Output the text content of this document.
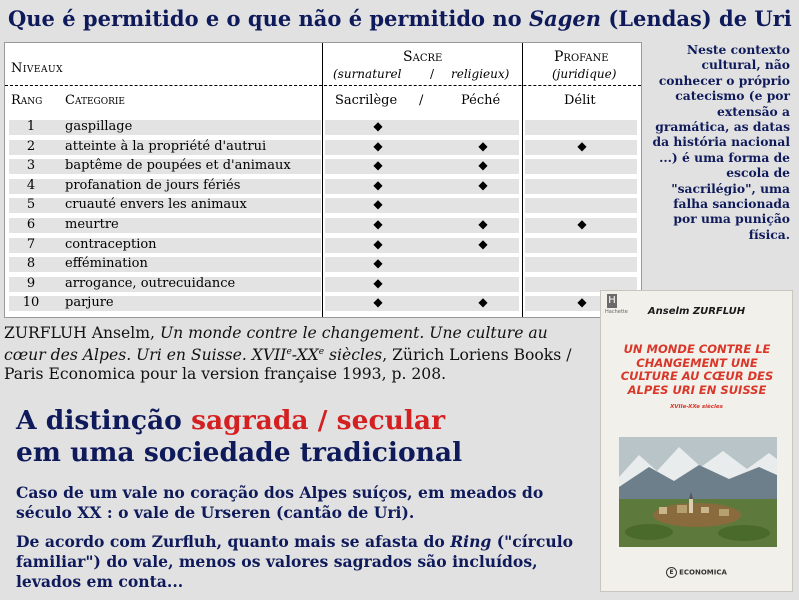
Que é permitido e o que não é permitido no Sagen (Lendas) de Uri
Niveaux
Sacre
(surnaturel / religieux)
Profane
(juridique)
Rang Categorie	Sacrilège /	Péché	Délit
1	gaspillage	◆
2	atteinte à la propriété d'autrui	◆	◆	◆
3	baptême de poupées et d'animaux	◆	◆
4	profanation de jours fériés	◆	◆
5	cruauté envers les animaux	◆
6	meurtre	◆	◆	◆
7	contraception	◆	◆
8	effémination	◆
9	arrogance, outrecuidance	◆
10 parjure	◆	◆	◆
Neste contexto cultural, não conhecer o próprio catecismo (e por extensão a gramática, as datas da história nacional ...) é uma forma de escola de "sacrilégio", uma falha sancionada por uma punição física.
ZURFLUH Anselm, Un monde contre le changement. Une culture au cœur des Alpes. Uri en Suisse. XVIIe-XXe siècles, Zürich Loriens Books / Paris Economica pour la version française 1993, p. 208.
A distinção sagrada / secular
em uma sociedade tradicional
Caso de um vale no coração dos Alpes suíços, em meados do século XX : o vale de Urseren (cantão de Uri).
De acordo com Zurfluh, quanto mais se afasta do Ring ("círculo familiar") do vale, menos os valores sagrados são incluídos, levados em conta...
H
Hachette	Anselm ZURFLUH
UN MONDE CONTRE LE CHANGEMENT UNE CULTURE AU CŒUR DES ALPES URI EN SUISSE
XVIIe-XXe siècles
E ECONOMICA
